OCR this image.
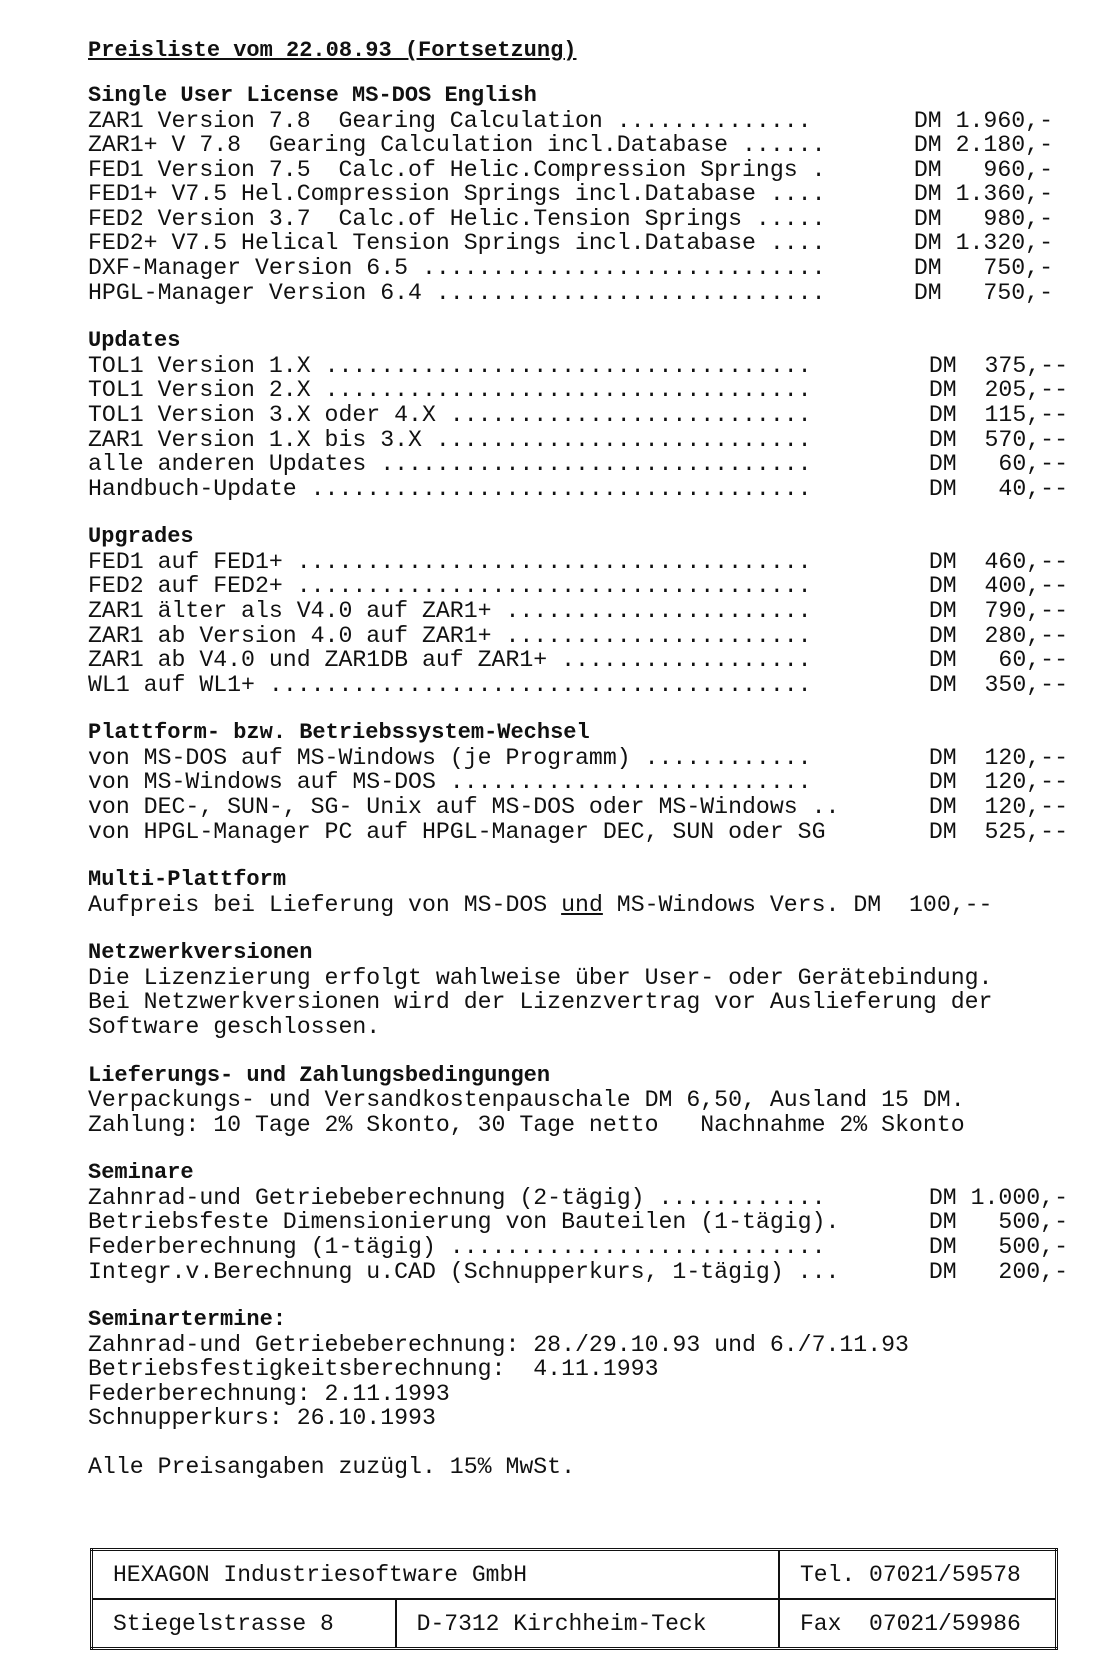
Preisliste vom 22.08.93 (Fortsetzung)
Single User License MS-DOS English
ZAR1 Version 7.8  Gearing Calculation ..............	DM 1.960,-
ZAR1+ V 7.8  Gearing Calculation incl.Database ......	DM 2.180,-
FED1 Version 7.5  Calc.of Helic.Compression Springs .	DM   960,-
FED1+ V7.5 Hel.Compression Springs incl.Database ....	DM 1.360,-
FED2 Version 3.7  Calc.of Helic.Tension Springs .....	DM   980,-
FED2+ V7.5 Helical Tension Springs incl.Database ....	DM 1.320,-
DXF-Manager Version 6.5 .............................	DM   750,-
HPGL-Manager Version 6.4 ............................	DM   750,-
Updates
TOL1 Version 1.X ...................................	DM  375,--
TOL1 Version 2.X ...................................	DM  205,--
TOL1 Version 3.X oder 4.X ..........................	DM  115,--
ZAR1 Version 1.X bis 3.X ...........................	DM  570,--
alle anderen Updates ...............................	DM   60,--
Handbuch-Update ....................................	DM   40,--
Upgrades
FED1 auf FED1+ .....................................	DM  460,--
FED2 auf FED2+ .....................................	DM  400,--
ZAR1 älter als V4.0 auf ZAR1+ ......................	DM  790,--
ZAR1 ab Version 4.0 auf ZAR1+ ......................	DM  280,--
ZAR1 ab V4.0 und ZAR1DB auf ZAR1+ ..................	DM   60,--
WL1 auf WL1+ .......................................	DM  350,--
Plattform- bzw. Betriebssystem-Wechsel
von MS-DOS auf MS-Windows (je Programm) ............	DM  120,--
von MS-Windows auf MS-DOS ..........................	DM  120,--
von DEC-, SUN-, SG- Unix auf MS-DOS oder MS-Windows ..	DM  120,--
von HPGL-Manager PC auf HPGL-Manager DEC, SUN oder SG	DM  525,--
Multi-Plattform
Aufpreis bei Lieferung von MS-DOS und MS-Windows Vers. DM  100,--
Netzwerkversionen
Die Lizenzierung erfolgt wahlweise über User- oder Gerätebindung.
Bei Netzwerkversionen wird der Lizenzvertrag vor Auslieferung der
Software geschlossen.
Lieferungs- und Zahlungsbedingungen
Verpackungs- und Versandkostenpauschale DM 6,50, Ausland 15 DM.
Zahlung: 10 Tage 2% Skonto, 30 Tage netto   Nachnahme 2% Skonto
Seminare
Zahnrad-und Getriebeberechnung (2-tägig) ............	DM 1.000,-
Betriebsfeste Dimensionierung von Bauteilen (1-tägig).	DM   500,-
Federberechnung (1-tägig) ...........................	DM   500,-
Integr.v.Berechnung u.CAD (Schnupperkurs, 1-tägig) ...	DM   200,-
Seminartermine:
Zahnrad-und Getriebeberechnung: 28./29.10.93 und 6./7.11.93
Betriebsfestigkeitsberechnung:  4.11.1993
Federberechnung: 2.11.1993
Schnupperkurs: 26.10.1993
Alle Preisangaben zuzügl. 15% MwSt.
HEXAGON Industriesoftware GmbH		Tel. 07021/59578
Stiegelstrasse 8	D-7312 Kirchheim-Teck	Fax  07021/59986
